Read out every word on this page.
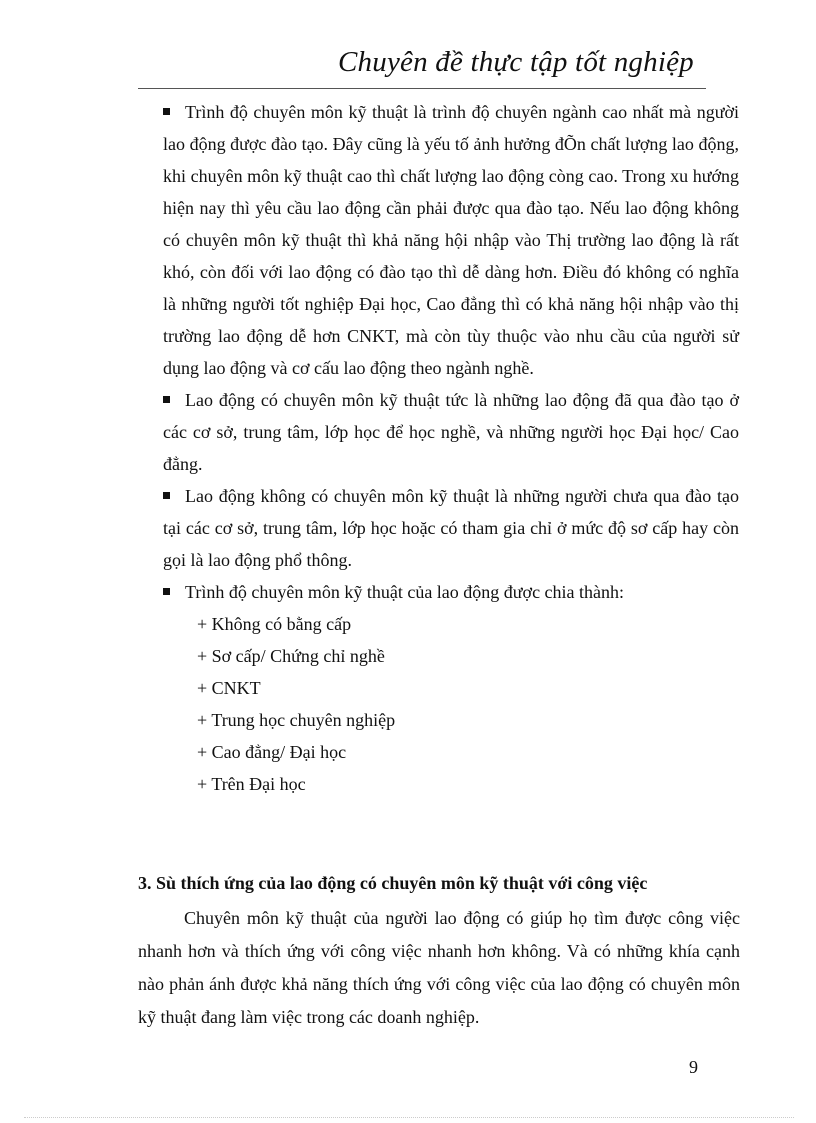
Chuyên đề thực tập tốt nghiệp
Trình độ chuyên môn kỹ thuật là trình độ chuyên ngành cao nhất mà người lao động được đào tạo. Đây cũng là yếu tố ảnh hưởng đÕn chất lượng lao động, khi chuyên môn kỹ thuật cao thì chất lượng lao động còng cao. Trong xu hướng hiện nay thì yêu cầu lao động cần phải được qua đào tạo. Nếu lao động không có chuyên môn kỹ thuật thì khả năng hội nhập vào Thị trường lao động là rất khó, còn đối với lao động có đào tạo thì dễ dàng hơn. Điều đó không có nghĩa là những người tốt nghiệp Đại học, Cao đẳng thì có khả năng hội nhập vào thị trường lao động dễ hơn CNKT, mà còn tùy thuộc vào nhu cầu của người sử dụng lao động và cơ cấu lao động theo ngành nghề.
Lao động có chuyên môn kỹ thuật tức là những lao động đã qua đào tạo ở các cơ sở, trung tâm, lớp học để học nghề, và những người học Đại học/ Cao đẳng.
Lao động không có chuyên môn kỹ thuật là những người chưa qua đào tạo tại các cơ sở, trung tâm, lớp học hoặc có tham gia chỉ ở mức độ sơ cấp hay còn gọi là lao động phổ thông.
Trình độ chuyên môn kỹ thuật của lao động được chia thành:
+ Không có bằng cấp
+ Sơ cấp/ Chứng chỉ nghề
+ CNKT
+ Trung học chuyên nghiệp
+ Cao đẳng/ Đại học
+ Trên Đại học
3. Sù thích ứng của lao động có chuyên môn kỹ thuật với công việc
Chuyên môn kỹ thuật của người lao động có giúp họ tìm được công việc nhanh hơn và thích ứng với công việc nhanh hơn không. Và có những khía cạnh nào phản ánh được khả năng thích ứng với công việc của lao động có chuyên môn kỹ thuật đang làm việc trong các doanh nghiệp.
9
